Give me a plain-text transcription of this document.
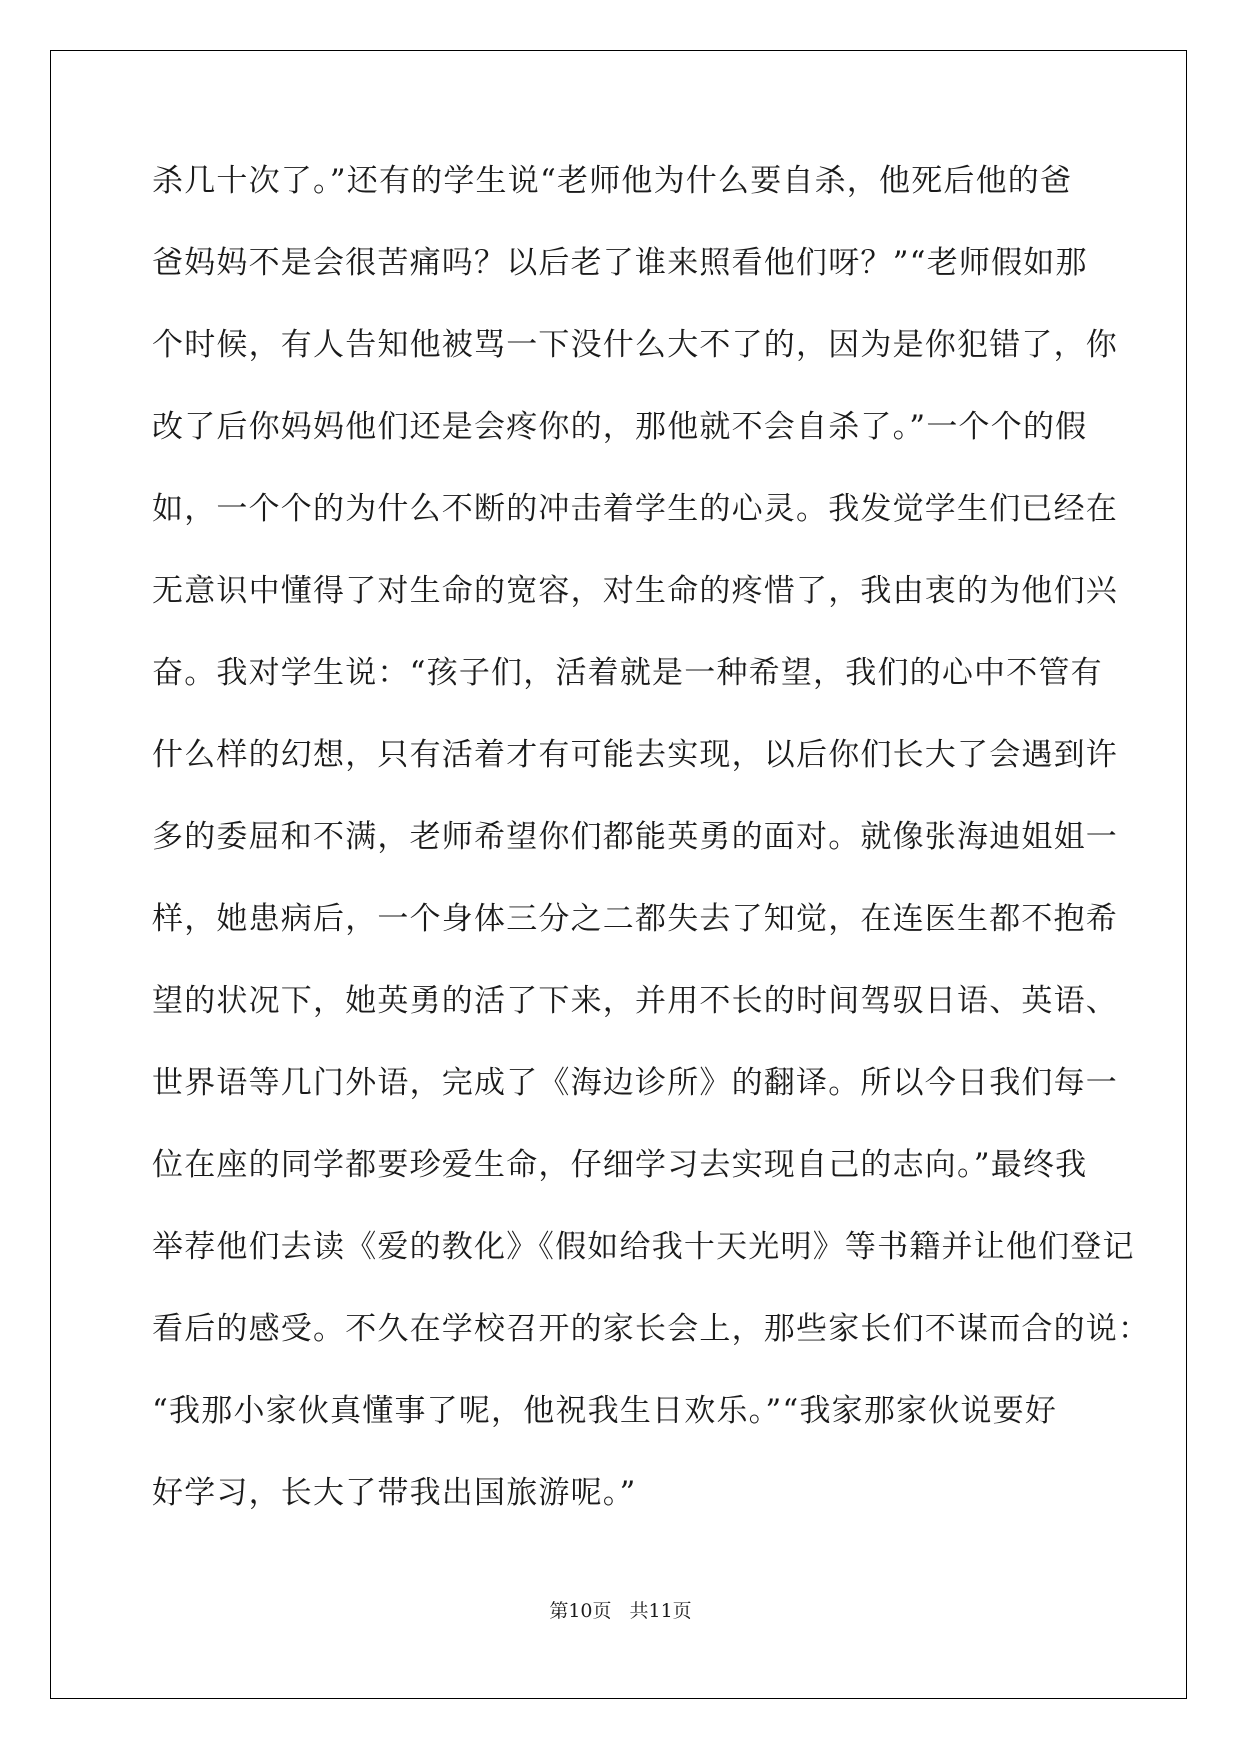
杀几十次了。”还有的学生说“老师他为什么要自杀，他死后他的爸
爸妈妈不是会很苦痛吗？以后老了谁来照看他们呀？”“老师假如那
个时候，有人告知他被骂一下没什么大不了的，因为是你犯错了，你
改了后你妈妈他们还是会疼你的，那他就不会自杀了。”一个个的假
如，一个个的为什么不断的冲击着学生的心灵。我发觉学生们已经在
无意识中懂得了对生命的宽容，对生命的疼惜了，我由衷的为他们兴
奋。我对学生说：“孩子们，活着就是一种希望，我们的心中不管有
什么样的幻想，只有活着才有可能去实现，以后你们长大了会遇到许
多的委屈和不满，老师希望你们都能英勇的面对。就像张海迪姐姐一
样，她患病后，一个身体三分之二都失去了知觉，在连医生都不抱希
望的状况下，她英勇的活了下来，并用不长的时间驾驭日语、英语、
世界语等几门外语，完成了《海边诊所》的翻译。所以今日我们每一
位在座的同学都要珍爱生命，仔细学习去实现自己的志向。”最终我
举荐他们去读《爱的教化》《假如给我十天光明》等书籍并让他们登记
看后的感受。不久在学校召开的家长会上，那些家长们不谋而合的说：
“我那小家伙真懂事了呢，他祝我生日欢乐。”“我家那家伙说要好
好学习，长大了带我出国旅游呢。”
第10页 共11页
